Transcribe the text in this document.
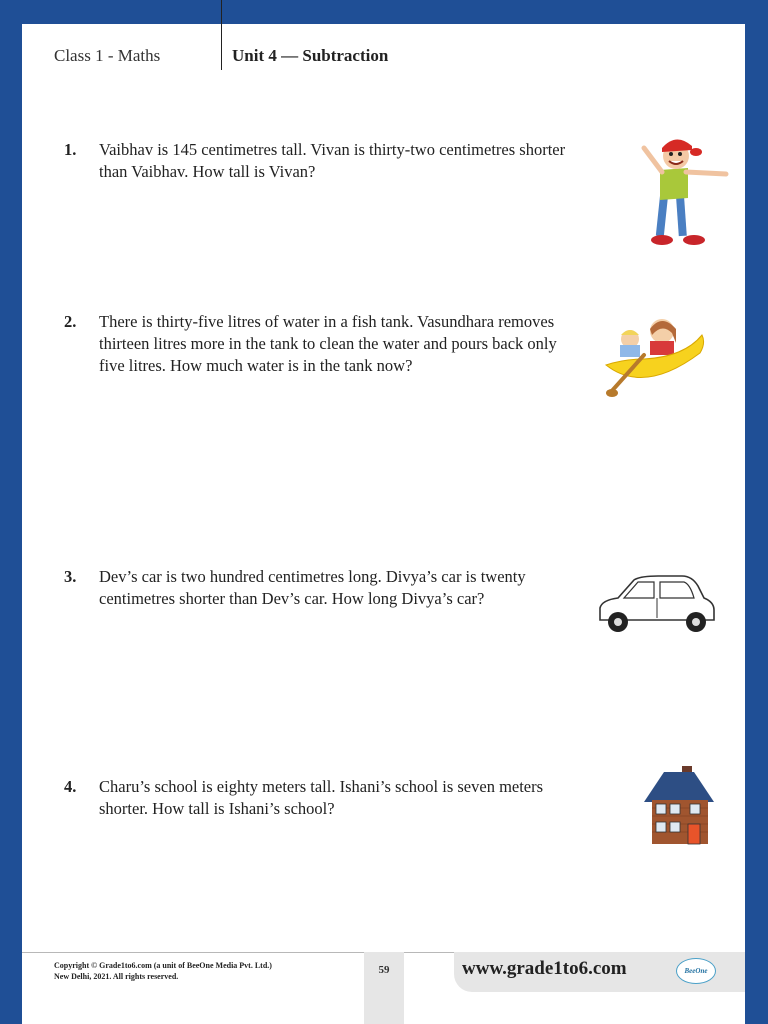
Class 1 - Maths	Unit 4 — Subtraction
1. Vaibhav is 145 centimetres tall. Vivan is thirty-two centimetres shorter than Vaibhav. How tall is Vivan?
2. There is thirty-five litres of water in a fish tank. Vasundhara removes thirteen litres more in the tank to clean the water and pours back only five litres. How much water is in the tank now?
3. Dev’s car is two hundred centimetres long. Divya’s car is twenty centimetres shorter than Dev’s car. How long Divya’s car?
4. Charu’s school is eighty meters tall. Ishani’s school is seven meters shorter. How tall is Ishani’s school?
Copyright © Grade1to6.com (a unit of BeeOne Media Pvt. Ltd.)
New Delhi, 2021. All rights reserved.
59	www.grade1to6.com	BeeOne
